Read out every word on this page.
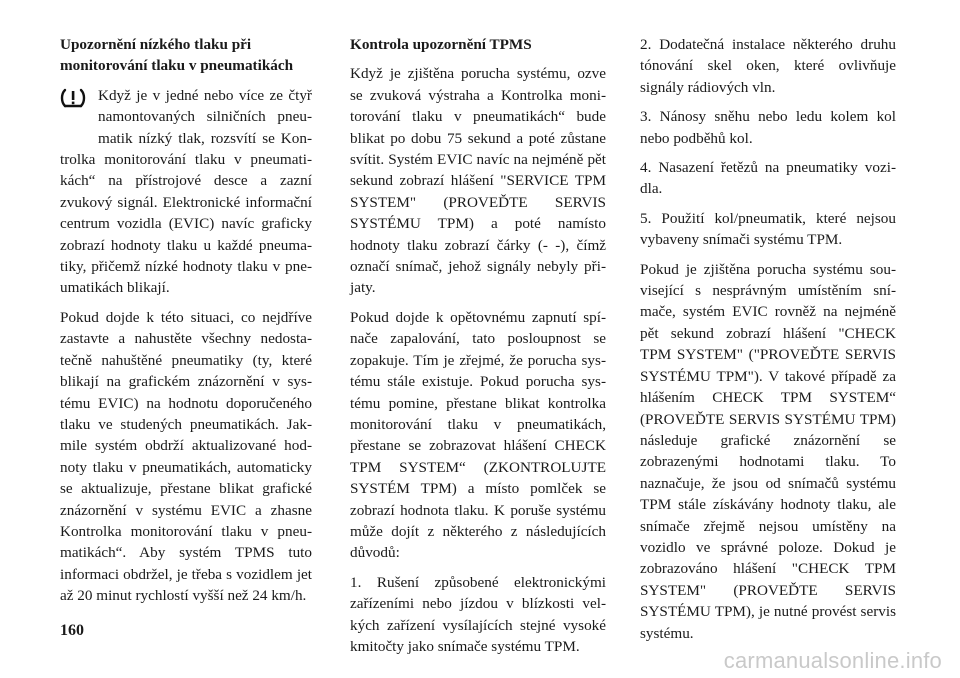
Upozornění nízkého tlaku při monitorování tlaku v pneumatikách

Když je v jedné nebo více ze čtyř namontovaných silničních pneumatik nízký tlak, rozsvítí se Kontrolka monitorování tlaku v pneumatikách“ na přístrojové desce a zazní zvukový signál. Elektronické informační centrum vozidla (EVIC) navíc graficky zobrazí hodnoty tlaku u každé pneumatiky, přičemž nízké hodnoty tlaku v pneumatikách blikají.

Pokud dojde k této situaci, co nejdříve zastavte a nahustěte všechny nedostatečně nahuštěné pneumatiky (ty, které blikají na grafickém znázornění v systému EVIC) na hodnotu doporučeného tlaku ve studených pneumatikách. Jakmile systém obdrží aktualizované hodnoty tlaku v pneumatikách, automaticky se aktualizuje, přestane blikat grafické znázornění v systému EVIC a zhasne Kontrolka monitorování tlaku v pneumatikách“. Aby systém TPMS tuto informaci obdržel, je třeba s vozidlem jet až 20 minut rychlostí vyšší než 24 km/h.

Kontrola upozornění TPMS

Když je zjištěna porucha systému, ozve se zvuková výstraha a Kontrolka monitorování tlaku v pneumatikách“ bude blikat po dobu 75 sekund a poté zůstane svítit. Systém EVIC navíc na nejméně pět sekund zobrazí hlášení "SERVICE TPM SYSTEM" (PROVEĎTE SERVIS SYSTÉMU TPM) a poté namísto hodnoty tlaku zobrazí čárky (- -), čímž označí snímač, jehož signály nebyly přijaty.

Pokud dojde k opětovnému zapnutí spínače zapalování, tato posloupnost se zopakuje. Tím je zřejmé, že porucha systému stále existuje. Pokud porucha systému pomine, přestane blikat kontrolka monitorování tlaku v pneumatikách, přestane se zobrazovat hlášení CHECK TPM SYSTEM“ (ZKONTROLUJTE SYSTÉM TPM) a místo pomlček se zobrazí hodnota tlaku. K poruše systému může dojít z některého z následujících důvodů:

1. Rušení způsobené elektronickými zařízeními nebo jízdou v blízkosti velkých zařízení vysílajících stejné vysoké kmitočty jako snímače systému TPM.

2. Dodatečná instalace některého druhu tónování skel oken, které ovlivňuje signály rádiových vln.

3. Nánosy sněhu nebo ledu kolem kol nebo podběhů kol.

4. Nasazení řetězů na pneumatiky vozidla.

5. Použití kol/pneumatik, které nejsou vybaveny snímači systému TPM.

Pokud je zjištěna porucha systému související s nesprávným umístěním snímače, systém EVIC rovněž na nejméně pět sekund zobrazí hlášení "CHECK TPM SYSTEM" ("PROVEĎTE SERVIS SYSTÉMU TPM"). V takové případě za hlášením CHECK TPM SYSTEM“ (PROVEĎTE SERVIS SYSTÉMU TPM) následuje grafické znázornění se zobrazenými hodnotami tlaku. To naznačuje, že jsou od snímačů systému TPM stále získávány hodnoty tlaku, ale snímače zřejmě nejsou umístěny na vozidlo ve správné poloze. Dokud je zobrazováno hlášení "CHECK TPM SYSTEM" (PROVEĎTE SERVIS SYSTÉMU TPM), je nutné provést servis systému.

160
carmanualsonline.info
